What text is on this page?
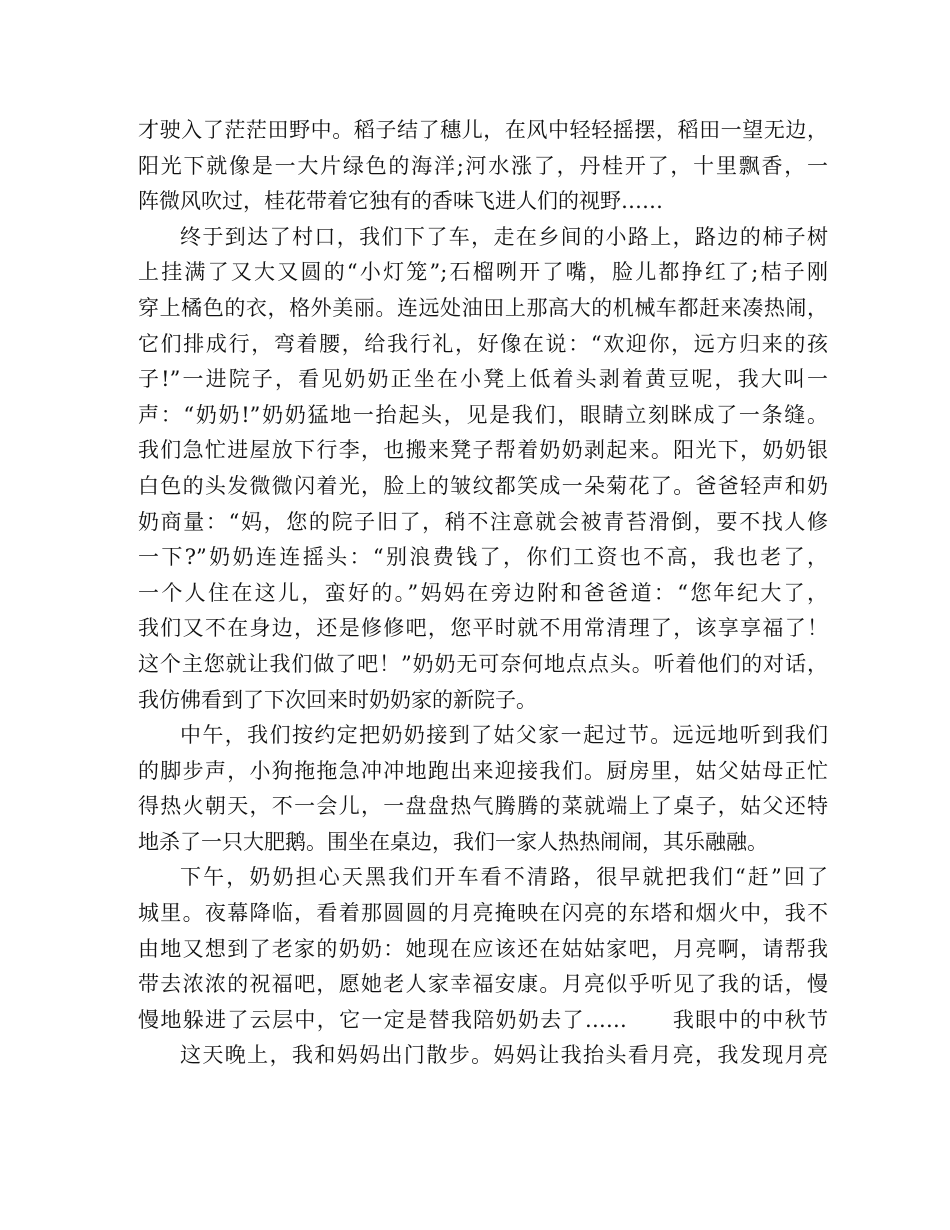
才驶入了茫茫田野中。稻子结了穗儿，在风中轻轻摇摆，稻田一望无边，
阳光下就像是一大片绿色的海洋;河水涨了，丹桂开了，十里飘香，一
阵微风吹过，桂花带着它独有的香味飞进人们的视野……
终于到达了村口，我们下了车，走在乡间的小路上，路边的柿子树
上挂满了又大又圆的“小灯笼”;石榴咧开了嘴，脸儿都挣红了;桔子刚
穿上橘色的衣，格外美丽。连远处油田上那高大的机械车都赶来凑热闹，
它们排成行，弯着腰，给我行礼，好像在说：“欢迎你，远方归来的孩
子!”一进院子，看见奶奶正坐在小凳上低着头剥着黄豆呢，我大叫一
声：“奶奶!”奶奶猛地一抬起头，见是我们，眼睛立刻眯成了一条缝。
我们急忙进屋放下行李，也搬来凳子帮着奶奶剥起来。阳光下，奶奶银
白色的头发微微闪着光，脸上的皱纹都笑成一朵菊花了。爸爸轻声和奶
奶商量：“妈，您的院子旧了，稍不注意就会被青苔滑倒，要不找人修
一下?”奶奶连连摇头：“别浪费钱了，你们工资也不高，我也老了，
一个人住在这儿，蛮好的。”妈妈在旁边附和爸爸道：“您年纪大了，
我们又不在身边，还是修修吧，您平时就不用常清理了，该享享福了！
这个主您就让我们做了吧！”奶奶无可奈何地点点头。听着他们的对话，
我仿佛看到了下次回来时奶奶家的新院子。
中午，我们按约定把奶奶接到了姑父家一起过节。远远地听到我们
的脚步声，小狗拖拖急冲冲地跑出来迎接我们。厨房里，姑父姑母正忙
得热火朝天，不一会儿，一盘盘热气腾腾的菜就端上了桌子，姑父还特
地杀了一只大肥鹅。围坐在桌边，我们一家人热热闹闹，其乐融融。
下午，奶奶担心天黑我们开车看不清路，很早就把我们“赶”回了
城里。夜幕降临，看着那圆圆的月亮掩映在闪亮的东塔和烟火中，我不
由地又想到了老家的奶奶：她现在应该还在姑姑家吧，月亮啊，请帮我
带去浓浓的祝福吧，愿她老人家幸福安康。月亮似乎听见了我的话，慢
慢地躲进了云层中，它一定是替我陪奶奶去了……　　我眼中的中秋节
这天晚上，我和妈妈出门散步。妈妈让我抬头看月亮，我发现月亮
